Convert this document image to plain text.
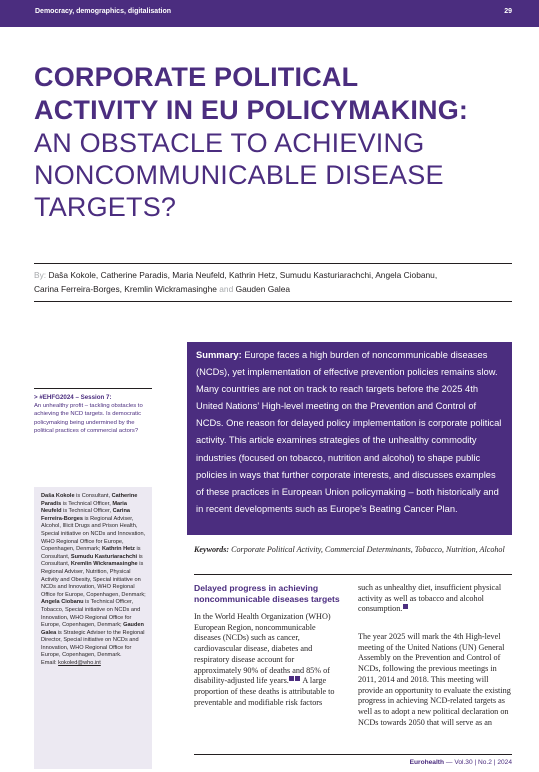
Democracy, demographics, digitalisation	29
CORPORATE POLITICAL
ACTIVITY IN EU POLICYMAKING:
AN OBSTACLE TO ACHIEVING
NONCOMMUNICABLE DISEASE
TARGETS?
By: Daša Kokole, Catherine Paradis, Maria Neufeld, Kathrin Hetz, Sumudu Kasturiarachchi, Angela Ciobanu,
Carina Ferreira-Borges, Kremlin Wickramasinghe and Gauden Galea
Summary: Europe faces a high burden of noncommunicable diseases (NCDs), yet implementation of effective prevention policies remains slow. Many countries are not on track to reach targets before the 2025 4th United Nations’ High-level meeting on the Prevention and Control of NCDs. One reason for delayed policy implementation is corporate political activity. This article examines strategies of the unhealthy commodity industries (focused on tobacco, nutrition and alcohol) to shape public policies in ways that further corporate interests, and discusses examples of these practices in European Union policymaking – both historically and in recent developments such as Europe’s Beating Cancer Plan.
> #EHFG2024 – Session 7:
An unhealthy profit – tackling obstacles to achieving the NCD targets. Is democratic policymaking being undermined by the political practices of commercial actors?
Daša Kokole is Consultant, Catherine Paradis is Technical Officer, Maria Neufeld is Technical Officer, Carina Ferreira-Borges is Regional Adviser, Alcohol, Illicit Drugs and Prison Health, Special initiative on NCDs and Innovation, WHO Regional Office for Europe, Copenhagen, Denmark; Kathrin Hetz is Consultant, Sumudu Kasturiarachchi is Consultant, Kremlin Wickramasinghe is Regional Adviser, Nutrition, Physical Activity and Obesity, Special initiative on NCDs and Innovation, WHO Regional Office for Europe, Copenhagen, Denmark; Angela Ciobanu is Technical Officer, Tobacco, Special initiative on NCDs and Innovation, WHO Regional Office for Europe, Copenhagen, Denmark; Gauden Galea is Strategic Adviser to the Regional Director, Special initiative on NCDs and Innovation, WHO Regional Office for Europe, Copenhagen, Denmark.
Email: kokoled@who.int
Keywords: Corporate Political Activity, Commercial Determinants, Tobacco, Nutrition, Alcohol
Delayed progress in achieving noncommunicable diseases targets

In the World Health Organization (WHO) European Region, noncommunicable diseases (NCDs) such as cancer, cardiovascular disease, diabetes and respiratory disease account for approximately 90% of deaths and 85% of disability-adjusted life years. A large proportion of these deaths is attributable to preventable and modifiable risk factors

such as unhealthy diet, insufficient physical activity as well as tobacco and alcohol consumption.

The year 2025 will mark the 4th High-level meeting of the United Nations (UN) General Assembly on the Prevention and Control of NCDs, following the previous meetings in 2011, 2014 and 2018. This meeting will provide an opportunity to evaluate the existing progress in achieving NCD-related targets as well as to adopt a new political declaration on NCDs towards 2050 that will serve as an

Eurohealth — Vol.30 | No.2 | 2024
